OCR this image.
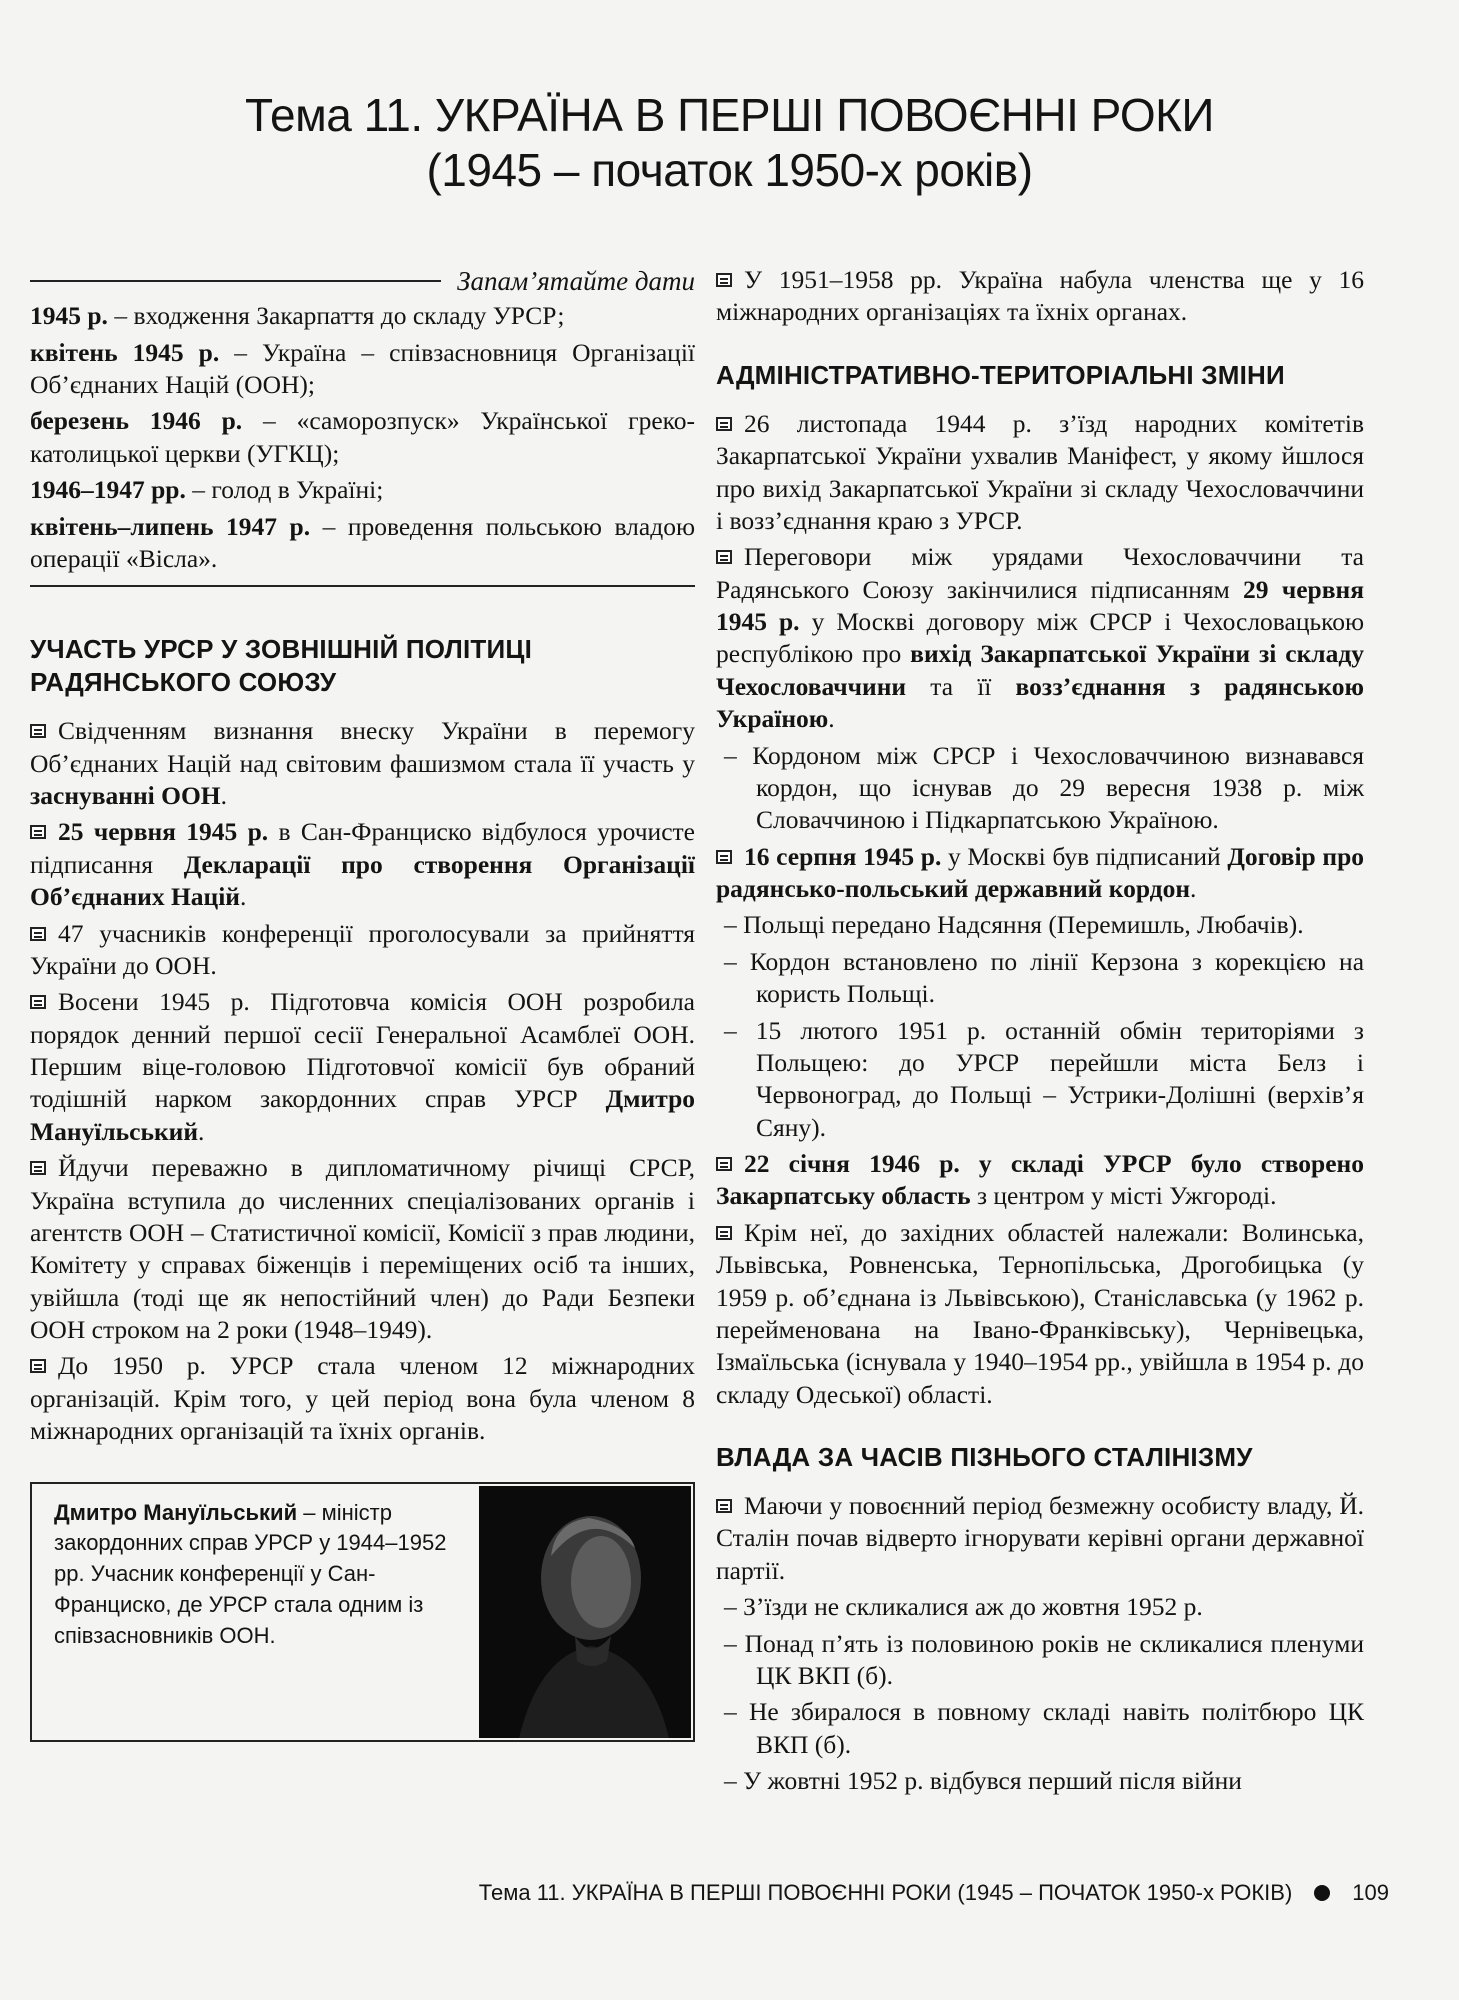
Тема 11. УКРАЇНА В ПЕРШІ ПОВОЄННІ РОКИ
(1945 – початок 1950-х років)
Запам’ятайте дати
1945 р. – входження Закарпаття до складу УРСР;
квітень 1945 р. – Україна – співзасновниця Організації Об’єднаних Націй (ООН);
березень 1946 р. – «саморозпуск» Української греко-католицької церкви (УГКЦ);
1946–1947 рр. – голод в Україні;
квітень–липень 1947 р. – проведення польською владою операції «Вісла».
УЧАСТЬ УРСР У ЗОВНІШНІЙ ПОЛІТИЦІ РАДЯНСЬКОГО СОЮЗУ
Свідченням визнання внеску України в перемогу Об’єднаних Націй над світовим фашизмом стала її участь у заснуванні ООН.
25 червня 1945 р. в Сан-Франциско відбулося урочисте підписання Декларації про створення Організації Об’єднаних Націй.
47 учасників конференції проголосували за прийняття України до ООН.
Восени 1945 р. Підготовча комісія ООН розробила порядок денний першої сесії Генеральної Асамблеї ООН. Першим віце-головою Підготовчої комісії був обраний тодішній нарком закордонних справ УРСР Дмитро Мануїльський.
Йдучи переважно в дипломатичному річищі СРСР, Україна вступила до численних спеціалізованих органів і агентств ООН – Статистичної комісії, Комісії з прав людини, Комітету у справах біженців і переміщених осіб та інших, увійшла (тоді ще як непостійний член) до Ради Безпеки ООН строком на 2 роки (1948–1949).
До 1950 р. УРСР стала членом 12 міжнародних організацій. Крім того, у цей період вона була членом 8 міжнародних організацій та їхніх органів.
Дмитро Мануїльський – міністр закордонних справ УРСР у 1944–1952 рр. Учасник конференції у Сан-Франциско, де УРСР стала одним із співзасновників ООН.
У 1951–1958 рр. Україна набула членства ще у 16 міжнародних організаціях та їхніх органах.
АДМІНІСТРАТИВНО-ТЕРИТОРІАЛЬНІ ЗМІНИ
26 листопада 1944 р. з’їзд народних комітетів Закарпатської України ухвалив Маніфест, у якому йшлося про вихід Закарпатської України зі складу Чехословаччини і возз’єднання краю з УРСР.
Переговори між урядами Чехословаччини та Радянського Союзу закінчилися підписанням 29 червня 1945 р. у Москві договору між СРСР і Чехословацькою республікою про вихід Закарпатської України зі складу Чехословаччини та її возз’єднання з радянською Україною.
– Кордоном між СРСР і Чехословаччиною визнавався кордон, що існував до 29 вересня 1938 р. між Словаччиною і Підкарпатською Україною.
16 серпня 1945 р. у Москві був підписаний Договір про радянсько-польський державний кордон.
– Польщі передано Надсяння (Перемишль, Любачів).
– Кордон встановлено по лінії Керзона з корекцією на користь Польщі.
– 15 лютого 1951 р. останній обмін територіями з Польщею: до УРСР перейшли міста Белз і Червоноград, до Польщі – Устрики-Долішні (верхів’я Сяну).
22 січня 1946 р. у складі УРСР було створено Закарпатську область з центром у місті Ужгороді.
Крім неї, до західних областей належали: Волинська, Львівська, Ровненська, Тернопільська, Дрогобицька (у 1959 р. об’єднана із Львівською), Станіславська (у 1962 р. перейменована на Івано-Франківську), Чернівецька, Ізмаїльська (існувала у 1940–1954 рр., увійшла в 1954 р. до складу Одеської) області.
ВЛАДА ЗА ЧАСІВ ПІЗНЬОГО СТАЛІНІЗМУ
Маючи у повоєнний період безмежну особисту владу, Й. Сталін почав відверто ігнорувати керівні органи державної партії.
– З’їзди не скликалися аж до жовтня 1952 р.
– Понад п’ять із половиною років не скликалися пленуми ЦК ВКП (б).
– Не збиралося в повному складі навіть політбюро ЦК ВКП (б).
– У жовтні 1952 р. відбувся перший після війни
Тема 11. УКРАЇНА В ПЕРШІ ПОВОЄННІ РОКИ (1945 – ПОЧАТОК 1950-х РОКІВ)	109
